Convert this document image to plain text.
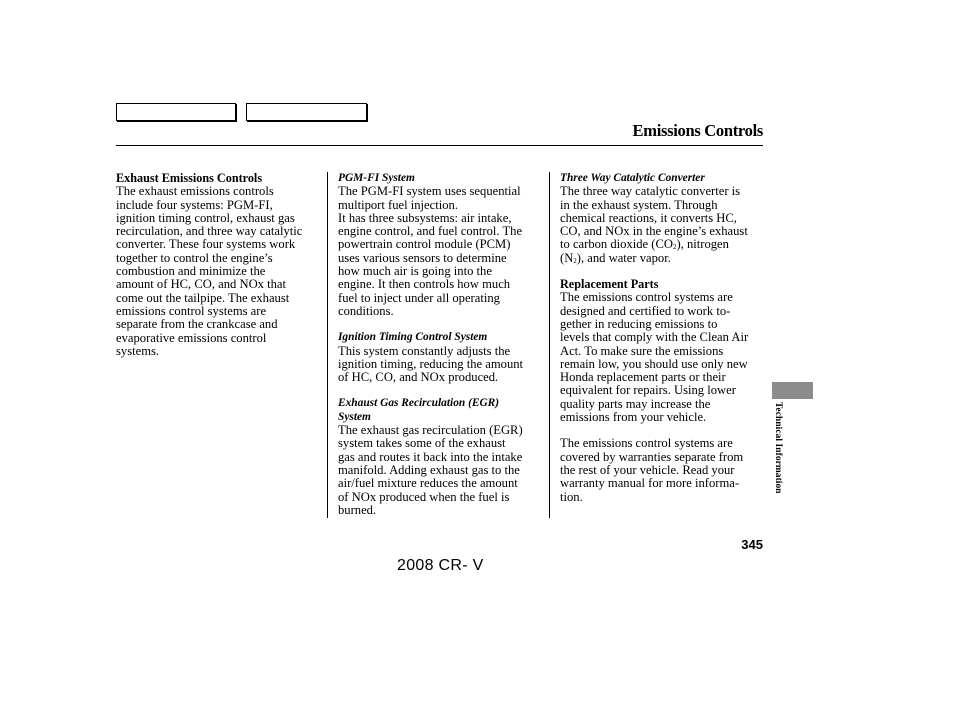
Emissions Controls
Exhaust Emissions Controls
The exhaust emissions controls
include four systems: PGM-FI,
ignition timing control, exhaust gas
recirculation, and three way catalytic
converter. These four systems work
together to control the engine’s
combustion and minimize the
amount of HC, CO, and NOx that
come out the tailpipe. The exhaust
emissions control systems are
separate from the crankcase and
evaporative emissions control
systems.
PGM-FI System
The PGM-FI system uses sequential
multiport fuel injection.
It has three subsystems: air intake,
engine control, and fuel control. The
powertrain control module (PCM)
uses various sensors to determine
how much air is going into the
engine. It then controls how much
fuel to inject under all operating
conditions.
Ignition Timing Control System
This system constantly adjusts the
ignition timing, reducing the amount
of HC, CO, and NOx produced.
Exhaust Gas Recirculation (EGR)
System
The exhaust gas recirculation (EGR)
system takes some of the exhaust
gas and routes it back into the intake
manifold. Adding exhaust gas to the
air/fuel mixture reduces the amount
of NOx produced when the fuel is
burned.
Three Way Catalytic Converter
The three way catalytic converter is
in the exhaust system. Through
chemical reactions, it converts HC,
CO, and NOx in the engine’s exhaust
to carbon dioxide $(CO_2)$, nitrogen
$(N_2)$, and water vapor.
Replacement Parts
The emissions control systems are
designed and certified to work to-
gether in reducing emissions to
levels that comply with the Clean Air
Act. To make sure the emissions
remain low, you should use only new
Honda replacement parts or their
equivalent for repairs. Using lower
quality parts may increase the
emissions from your vehicle.
The emissions control systems are
covered by warranties separate from
the rest of your vehicle. Read your
warranty manual for more informa-
tion.
Technical Information
345
2008 CR- V
